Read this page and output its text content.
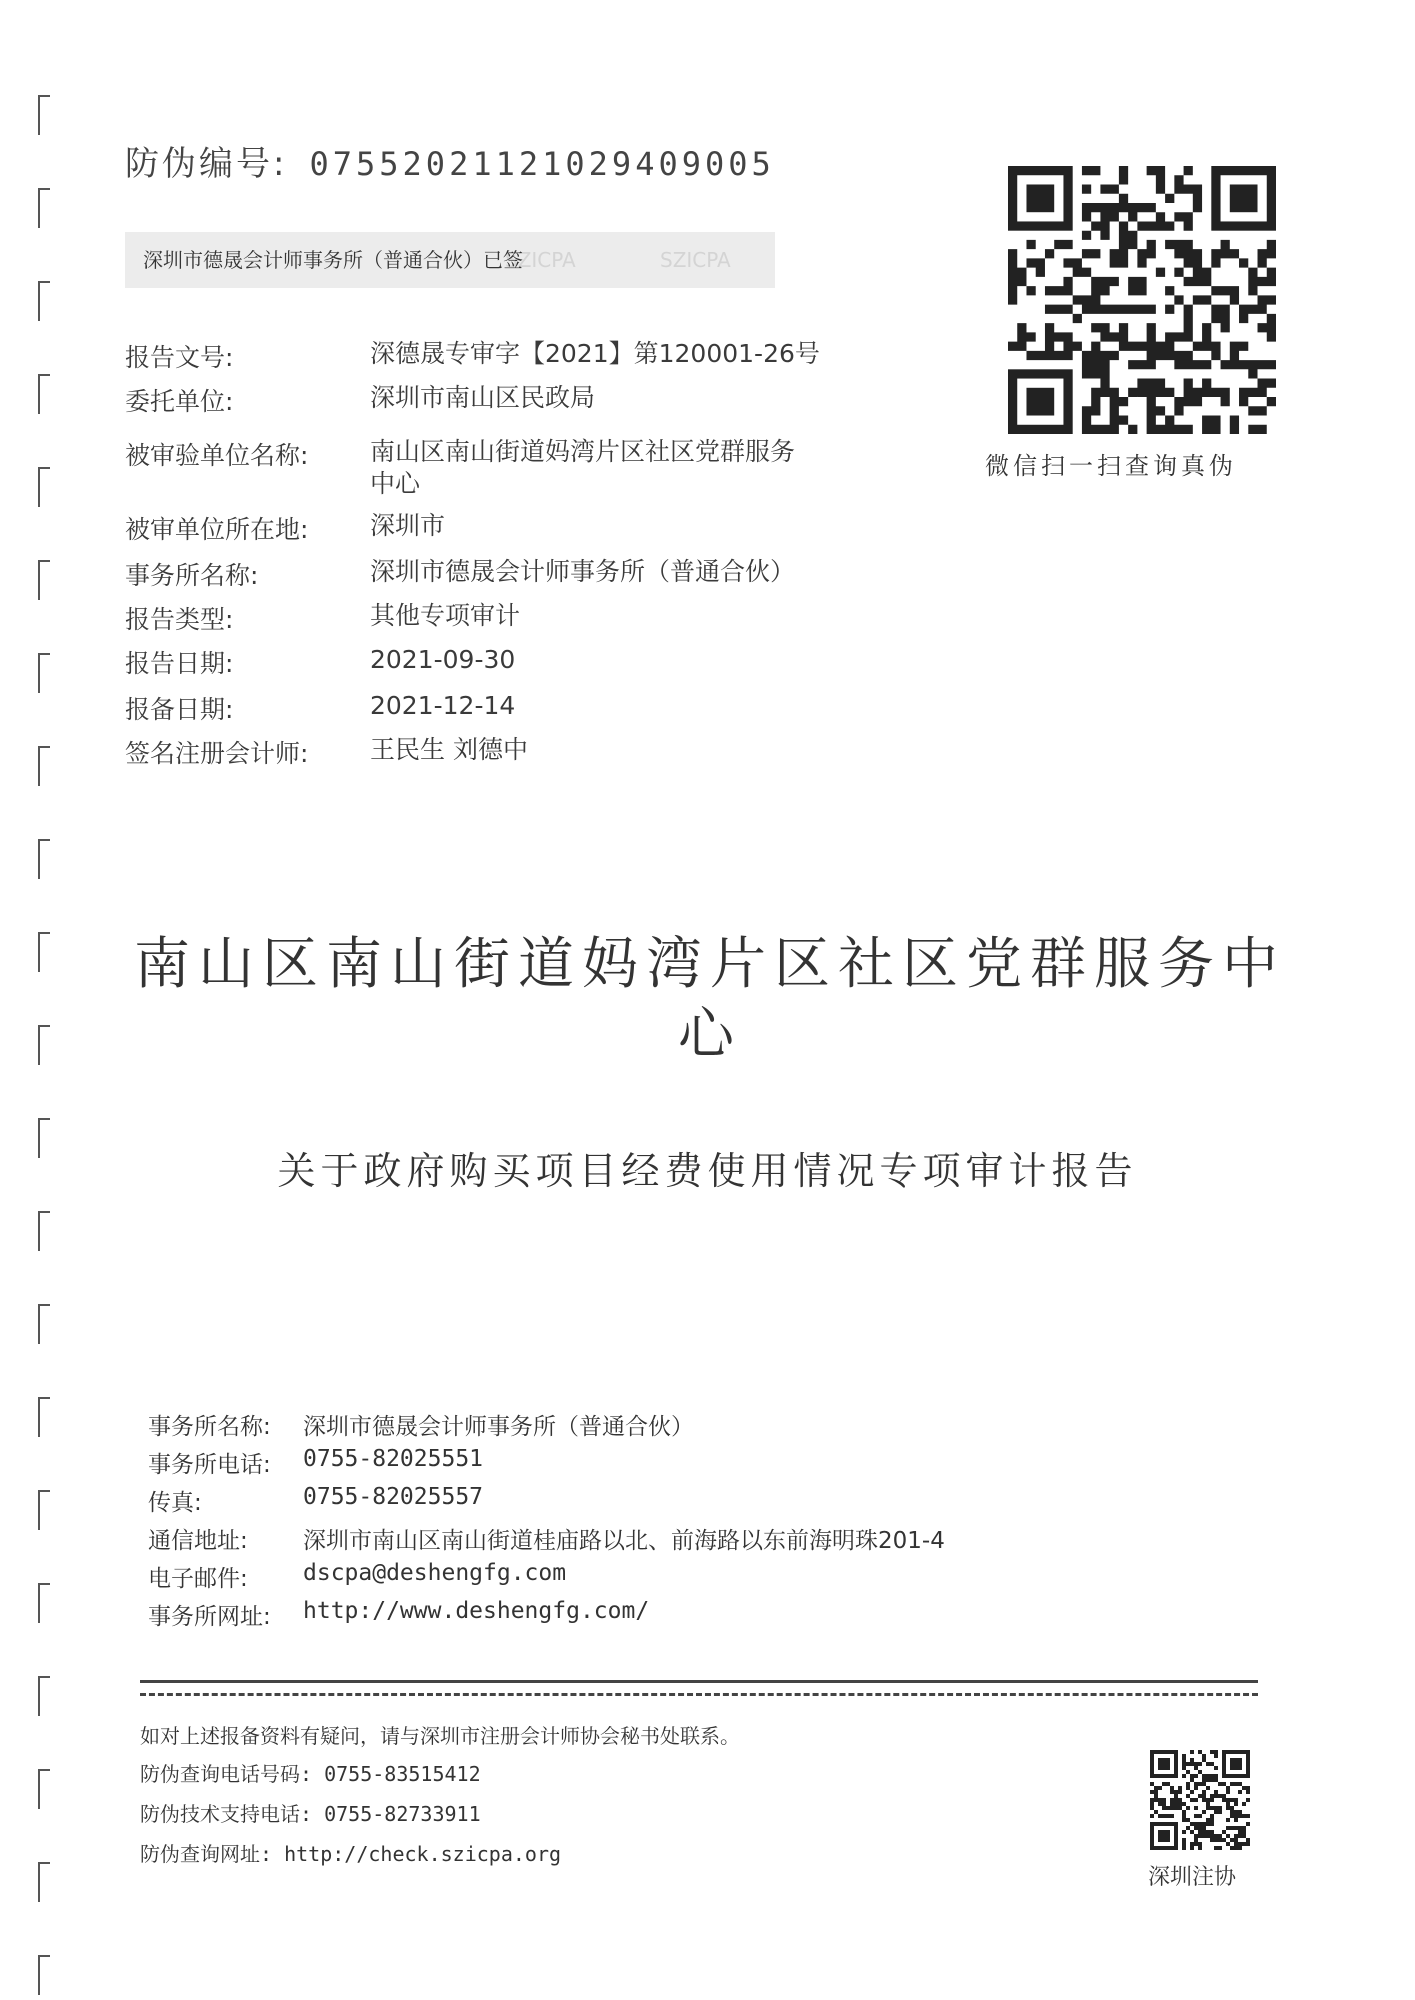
防伪编号: 07552021121029409005
SZICPA	SZICPA
深圳市德晟会计师事务所（普通合伙）已签
微信扫一扫查询真伪
报告文号:	深德晟专审字【2021】第120001-26号
委托单位:	深圳市南山区民政局
被审验单位名称:	南山区南山街道妈湾片区社区党群服务中心
被审单位所在地:	深圳市
事务所名称:	深圳市德晟会计师事务所（普通合伙）
报告类型:	其他专项审计
报告日期:	2021-09-30
报备日期:	2021-12-14
签名注册会计师:	王民生 刘德中
南山区南山街道妈湾片区社区党群服务中心
关于政府购买项目经费使用情况专项审计报告
事务所名称:	深圳市德晟会计师事务所（普通合伙）
事务所电话:	0755-82025551
传真:	0755-82025557
通信地址:	深圳市南山区南山街道桂庙路以北、前海路以东前海明珠201-4
电子邮件:	dscpa@deshengfg.com
事务所网址:	http://www.deshengfg.com/
如对上述报备资料有疑问，请与深圳市注册会计师协会秘书处联系。
防伪查询电话号码: 0755-83515412
防伪技术支持电话: 0755-82733911
防伪查询网址: http://check.szicpa.org
深圳注协
